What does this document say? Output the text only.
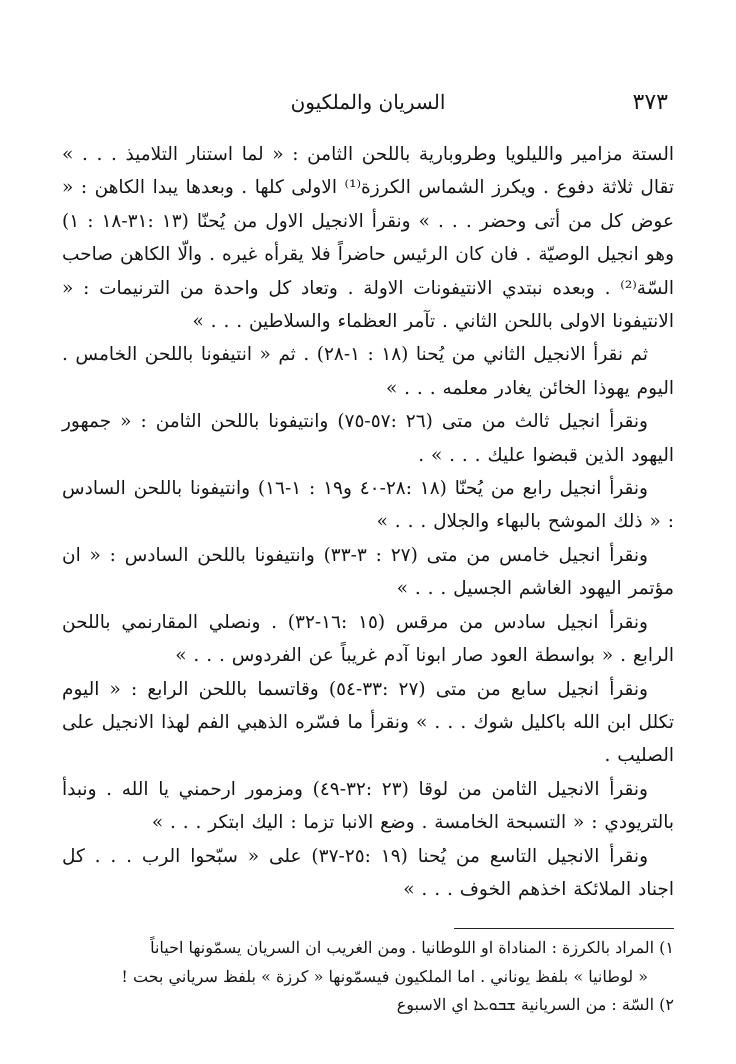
٣٧٣
السريان والملكيون

الستة مزامير والليلويا وطروبارية باللحن الثامن : « لما استنار التلاميذ . . . » تقال ثلاثة دفوع . ويكرز الشماس الكرزة⁽¹⁾ الاولى كلها . وبعدها يبدا الكاهن : « عوض كل من أتى وحضر . . . » ونقرأ الانجيل الاول من يُحنّا (١٣ :٣١-١٨ : ١) وهو انجيل الوصيّة . فان كان الرئيس حاضراً فلا يقرأه غيره . والّا الكاهن صاحب السّة⁽²⁾ . وبعده نبتدي الانتيفونات الاولة . وتعاد كل واحدة من الترنيمات : « الانتيفونا الاولى باللحن الثاني . تآمر العظماء والسلاطين . . . »

ثم نقرأ الانجيل الثاني من يُحنا (١٨ : ١-٢٨) . ثم « انتيفونا باللحن الخامس . اليوم يهوذا الخائن يغادر معلمه . . . »

ونقرأ انجيل ثالث من متى (٢٦ :٥٧-٧٥) وانتيفونا باللحن الثامن : « جمهور اليهود الذين قبضوا عليك . . . » .

ونقرأ انجيل رابع من يُحنّا (١٨ :٢٨-٤٠ و١٩ : ١-١٦) وانتيفونا باللحن السادس : « ذلك الموشح بالبهاء والجلال . . . »

ونقرأ انجيل خامس من متى (٢٧ : ٣-٣٣) وانتيفونا باللحن السادس : « ان مؤتمر اليهود الغاشم الجسيل . . . »

ونقرأ انجيل سادس من مرقس (١٥ :١٦-٣٢) . ونصلي المقارنمي باللحن الرابع . « بواسطة العود صار ابونا آدم غريباً عن الفردوس . . . »

ونقرأ انجيل سابع من متى (٢٧ :٣٣-٥٤) وقاتسما باللحن الرابع : « اليوم تكلل ابن الله باكليل شوك . . . » ونقرأ ما فسّره الذهبي الفم لهذا الانجيل على الصليب .

ونقرأ الانجيل الثامن من لوقا (٢٣ :٣٢-٤٩) ومزمور ارحمني يا الله . ونبدأ بالتريودي : « التسبحة الخامسة . وضع الانبا تزما : اليك ابتكر . . . »

ونقرأ الانجيل التاسع من يُحنا (١٩ :٢٥-٣٧) على « سبّحوا الرب . . . كل اجناد الملائكة اخذهم الخوف . . . »

١) المراد بالكرزة : المناداة او اللوطانيا . ومن الغريب ان السريان يسمّونها احياناً

« لوطانيا » بلفظ يوناني . اما الملكيون فيسمّونها « كرزة » بلفظ سرياني بحت !

٢) السّة : من السريانية ܫܒܘܥܐ اي الاسبوع
